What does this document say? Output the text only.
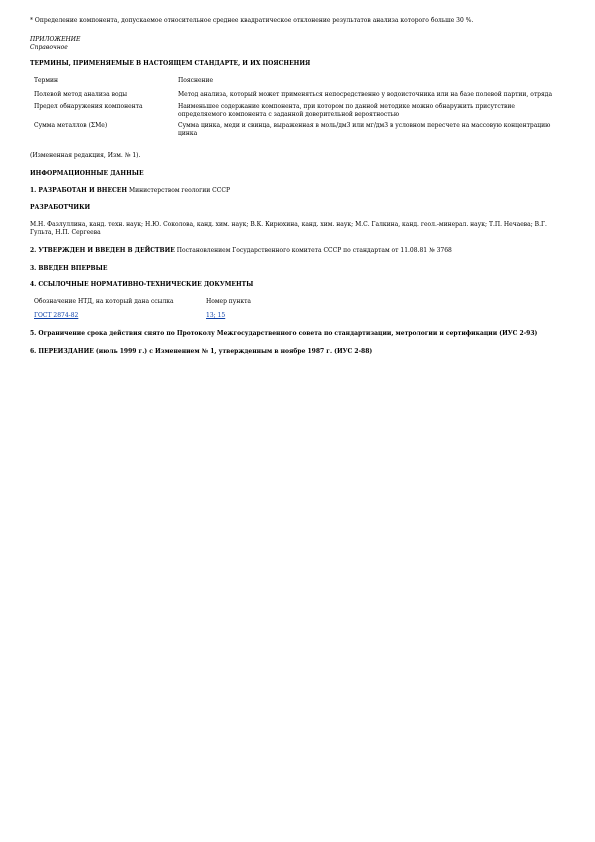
* Определение компонента, допускаемое относительное среднее квадратическое отклонение результатов анализа которого больше 30 %.

ПРИЛОЖЕНИЕ

Справочное

ТЕРМИНЫ, ПРИМЕНЯЕМЫЕ В НАСТОЯЩЕМ СТАНДАРТЕ, И ИХ ПОЯСНЕНИЯ

Термин	Пояснение
Полевой метод анализа воды	Метод анализа, который может применяться непосредственно у водоисточника или на базе полевой партии, отряда
Предел обнаружения компонента	Наименьшее содержание компонента, при котором по данной методике можно обнаружить присутствие определяемого компонента с заданной доверительной вероятностью
Сумма металлов (ΣMe)	Сумма цинка, меди и свинца, выраженная в моль/дм3 или мг/дм3 в условном пересчете на массовую концентрацию цинка

(Измененная редакция, Изм. № 1).

ИНФОРМАЦИОННЫЕ ДАННЫЕ

1. РАЗРАБОТАН И ВНЕСЕН Министерством геологии СССР

РАЗРАБОТЧИКИ

М.Н. Фазлуллина, канд. техн. наук; Н.Ю. Соколова, канд. хим. наук; В.К. Кирюхина, канд. хим. наук; М.С. Галкина, канд. геол.-минерал. наук; Т.П. Нечаева; В.Г. Гульта, Н.П. Сергеева

2. УТВЕРЖДЕН И ВВЕДЕН В ДЕЙСТВИЕ Постановлением Государственного комитета СССР по стандартам от 11.08.81 № 3768

3. ВВЕДЕН ВПЕРВЫЕ

4. ССЫЛОЧНЫЕ НОРМАТИВНО-ТЕХНИЧЕСКИЕ ДОКУМЕНТЫ

Обозначение НТД, на который дана ссылка	Номер пункта
ГОСТ 2874-82	13; 15

5. Ограничение срока действия снято по Протоколу Межгосударственного совета по стандартизации, метрологии и сертификации (ИУС 2-93)

6. ПЕРЕИЗДАНИЕ (июль 1999 г.) с Изменением № 1, утвержденным в ноябре 1987 г. (ИУС 2-88)
